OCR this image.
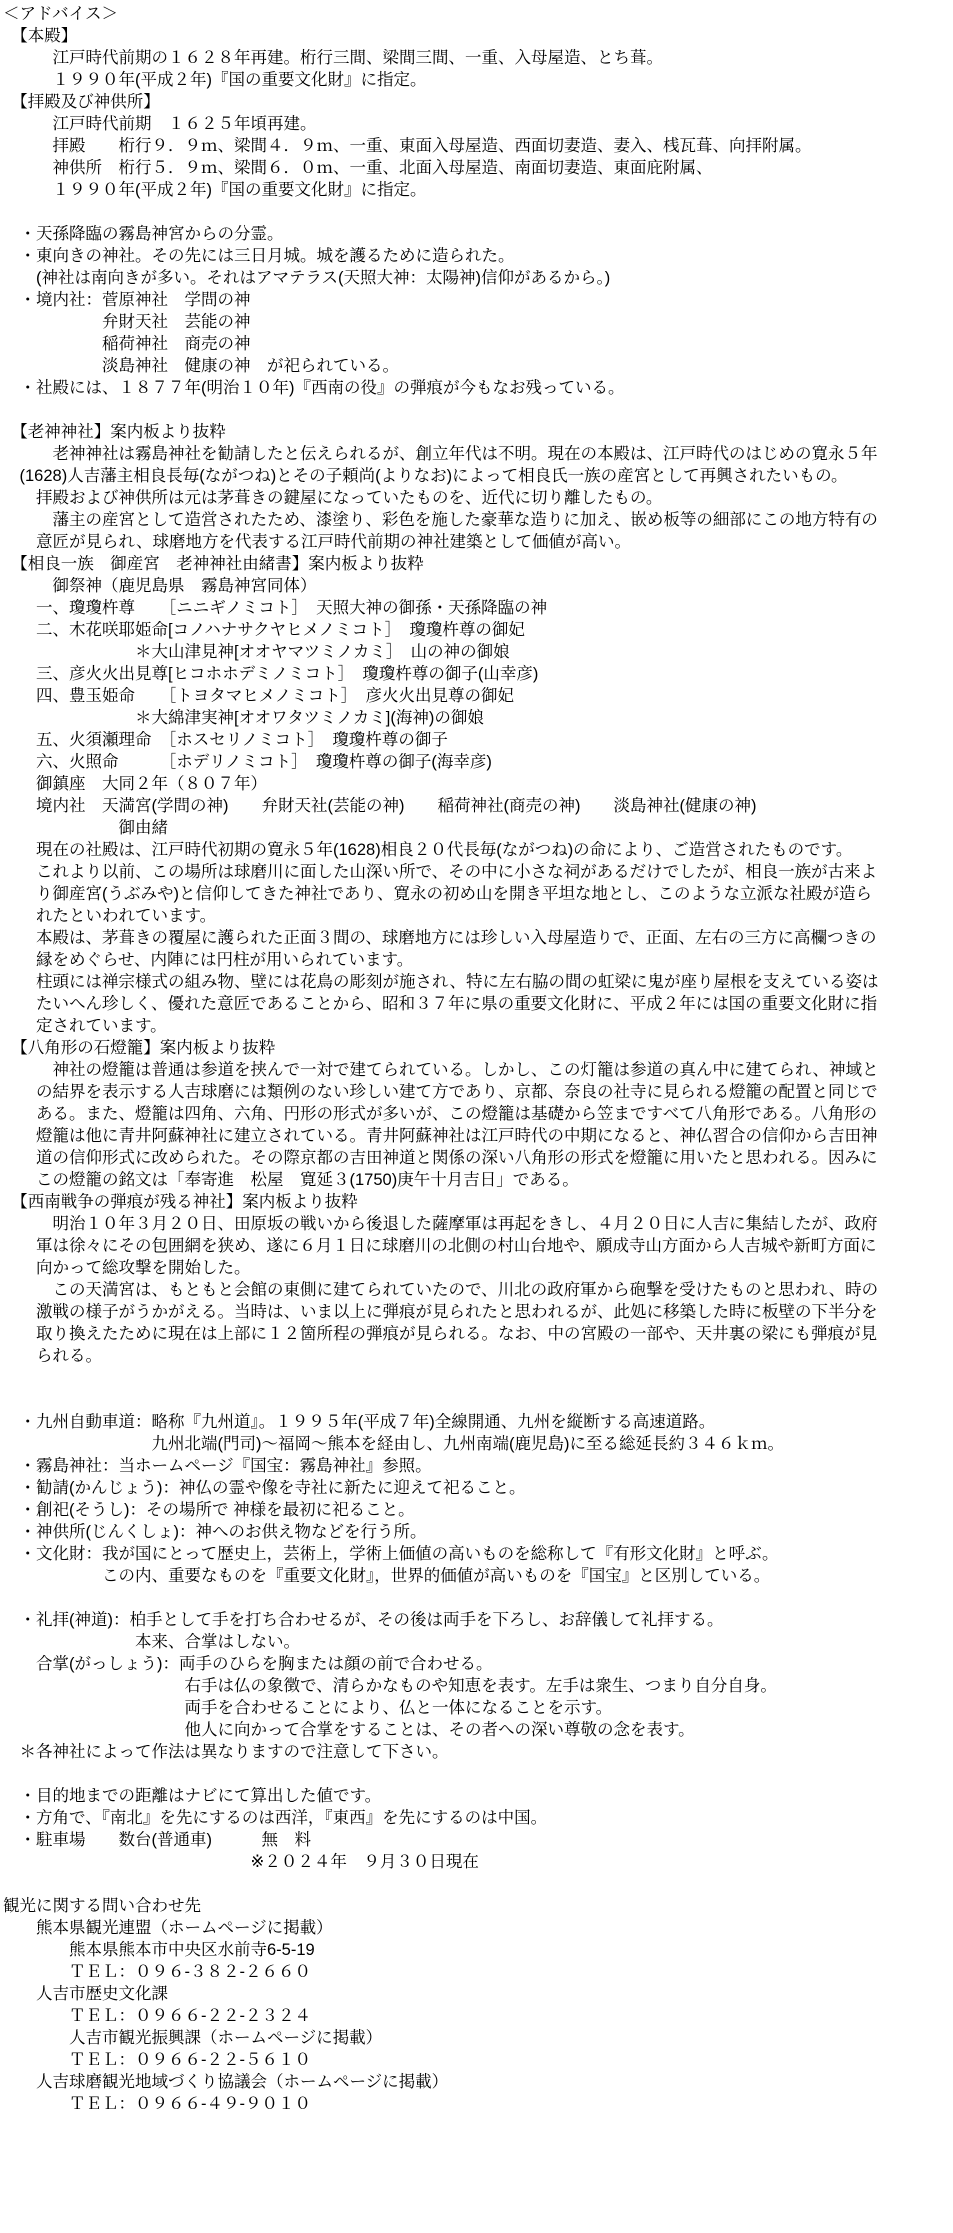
＜アドバイス＞
　【本殿】
　　　江戸時代前期の１６２８年再建。桁行三間、梁間三間、一重、入母屋造、とち葺。
　　　１９９０年(平成２年)『国の重要文化財』に指定。
　【拝殿及び神供所】
　　　江戸時代前期　１６２５年頃再建。
　　　拝殿　　桁行９．９ｍ、梁間４．９ｍ、一重、東面入母屋造、西面切妻造、妻入、桟瓦葺、向拝附属。
　　　神供所　桁行５．９ｍ、梁間６．０ｍ、一重、北面入母屋造、南面切妻造、東面庇附属、
　　　１９９０年(平成２年)『国の重要文化財』に指定。

　・天孫降臨の霧島神宮からの分霊。
　・東向きの神社。その先には三日月城。城を護るために造られた。
　　(神社は南向きが多い。それはアマテラス(天照大神：太陽神)信仰があるから。)
　・境内社：菅原神社　学問の神
　　　　　　弁財天社　芸能の神
　　　　　　稲荷神社　商売の神
　　　　　　淡島神社　健康の神　が祀られている。
　・社殿には、１８７７年(明治１０年)『西南の役』の弾痕が今もなお残っている。

　【老神神社】案内板より抜粋
　　　老神神社は霧島神社を勧請したと伝えられるが、創立年代は不明。現在の本殿は、江戸時代のはじめの寛永５年
　(1628)人吉藩主相良長毎(ながつね)とその子頼尚(よりなお)によって相良氏一族の産宮として再興されたいもの。
　　拝殿および神供所は元は茅葺きの鍵屋になっていたものを、近代に切り離したもの。
　　　藩主の産宮として造営されたため、漆塗り、彩色を施した豪華な造りに加え、嵌め板等の細部にこの地方特有の
　　意匠が見られ、球磨地方を代表する江戸時代前期の神社建築として価値が高い。
　【相良一族　御産宮　老神神社由緒書】案内板より抜粋
　　　御祭神（鹿児島県　霧島神宮同体）
　　一、瓊瓊杵尊　　［ニニギノミコト］　天照大神の御孫・天孫降臨の神
　　二、木花咲耶姫命[コノハナサクヤヒメノミコト］　瓊瓊杵尊の御妃
　　　　　　　　＊大山津見神[オオヤマツミノカミ］　山の神の御娘
　　三、彦火火出見尊[ヒコホホデミノミコト］　瓊瓊杵尊の御子(山幸彦)
　　四、豊玉姫命　　［トヨタマヒメノミコト］　彦火火出見尊の御妃
　　　　　　　　＊大綿津実神[オオワタツミノカミ](海神)の御娘
　　五、火須瀬理命　［ホスセリノミコト］　瓊瓊杵尊の御子
　　六、火照命　　　［ホデリノミコト］　瓊瓊杵尊の御子(海幸彦)
　　御鎮座　大同２年（８０７年）
　　境内社　天満宮(学問の神)　　弁財天社(芸能の神)　　稲荷神社(商売の神)　　淡島神社(健康の神)
　　　　　　　御由緒
　　現在の社殿は、江戸時代初期の寛永５年(1628)相良２０代長毎(ながつね)の命により、ご造営されたものです。
　　これより以前、この場所は球磨川に面した山深い所で、その中に小さな祠があるだけでしたが、相良一族が古来よ
　　り御産宮(うぶみや)と信仰してきた神社であり、寛永の初め山を開き平坦な地とし、このような立派な社殿が造ら
　　れたといわれています。
　　本殿は、茅葺きの覆屋に護られた正面３間の、球磨地方には珍しい入母屋造りで、正面、左右の三方に高欄つきの
　　縁をめぐらせ、内陣には円柱が用いられています。
　　柱頭には禅宗様式の組み物、壁には花鳥の彫刻が施され、特に左右脇の間の虹梁に鬼が座り屋根を支えている姿は
　　たいへん珍しく、優れた意匠であることから、昭和３７年に県の重要文化財に、平成２年には国の重要文化財に指
　　定されています。
　【八角形の石燈籠】案内板より抜粋
　　　神社の燈籠は普通は参道を挟んで一対で建てられている。しかし、この灯籠は参道の真ん中に建てられ、神域と
　　の結界を表示する人吉球磨には類例のない珍しい建て方であり、京都、奈良の社寺に見られる燈籠の配置と同じで
　　ある。また、燈籠は四角、六角、円形の形式が多いが、この燈籠は基礎から笠まですべて八角形である。八角形の
　　燈籠は他に青井阿蘇神社に建立されている。青井阿蘇神社は江戸時代の中期になると、神仏習合の信仰から吉田神
　　道の信仰形式に改められた。その際京都の吉田神道と関係の深い八角形の形式を燈籠に用いたと思われる。因みに
　　この燈籠の銘文は「奉寄進　松屋　寛延３(1750)庚午十月吉日」である。
　【西南戦争の弾痕が残る神社】案内板より抜粋
　　　明治１０年３月２０日、田原坂の戦いから後退した薩摩軍は再起をきし、４月２０日に人吉に集結したが、政府
　　軍は徐々にその包囲網を狭め、遂に６月１日に球磨川の北側の村山台地や、願成寺山方面から人吉城や新町方面に
　　向かって総攻撃を開始した。
　　　この天満宮は、もともと会館の東側に建てられていたので、川北の政府軍から砲撃を受けたものと思われ、時の
　　激戦の様子がうかがえる。当時は、いま以上に弾痕が見られたと思われるが、此処に移築した時に板壁の下半分を
　　取り換えたために現在は上部に１２箇所程の弾痕が見られる。なお、中の宮殿の一部や、天井裏の梁にも弾痕が見
　　られる。

　・九州自動車道：略称『九州道』。１９９５年(平成７年)全線開通、九州を縦断する高速道路。
　　　　　　　　　九州北端(門司)～福岡～熊本を経由し、九州南端(鹿児島)に至る総延長約３４６ｋｍ。
　・霧島神社：当ホームページ『国宝：霧島神社』参照。
　・勧請(かんじょう)：神仏の霊や像を寺社に新たに迎えて祀ること。
　・創祀(そうし)：その場所で 神様を最初に祀ること。
　・神供所(じんくしょ)：神へのお供え物などを行う所。
　・文化財：我が国にとって歴史上，芸術上，学術上価値の高いものを総称して『有形文化財』と呼ぶ。
　　　　　　この内、重要なものを『重要文化財』，世界的価値が高いものを『国宝』と区別している。

　・礼拝(神道)：柏手として手を打ち合わせるが、その後は両手を下ろし、お辞儀して礼拝する。
　　　　　　　　本来、合掌はしない。
　　合掌(がっしょう)：両手のひらを胸または顔の前で合わせる。
　　　　　　　　　　　右手は仏の象徴で、清らかなものや知恵を表す。左手は衆生、つまり自分自身。
　　　　　　　　　　　両手を合わせることにより、仏と一体になることを示す。
　　　　　　　　　　　他人に向かって合掌をすることは、その者への深い尊敬の念を表す。
　＊各神社によって作法は異なりますので注意して下さい。

　・目的地までの距離はナビにて算出した値です。
　・方角で、『南北』を先にするのは西洋，『東西』を先にするのは中国。
　・駐車場　　数台(普通車)　　　無　料
　　　　　　　　　　　　　　　※２０２４年　９月３０日現在

観光に関する問い合わせ先
　　熊本県観光連盟（ホームページに掲載）
　　　　熊本県熊本市中央区水前寺6-5-19
　　　　ＴＥＬ：０９６-３８２-２６６０
　　人吉市歴史文化課
　　　　ＴＥＬ：０９６６-２２-２３２４
　　　　人吉市観光振興課（ホームページに掲載）
　　　　ＴＥＬ：０９６６-２２-５６１０
　　人吉球磨観光地域づくり協議会（ホームページに掲載）
　　　　ＴＥＬ：０９６６-４９-９０１０
